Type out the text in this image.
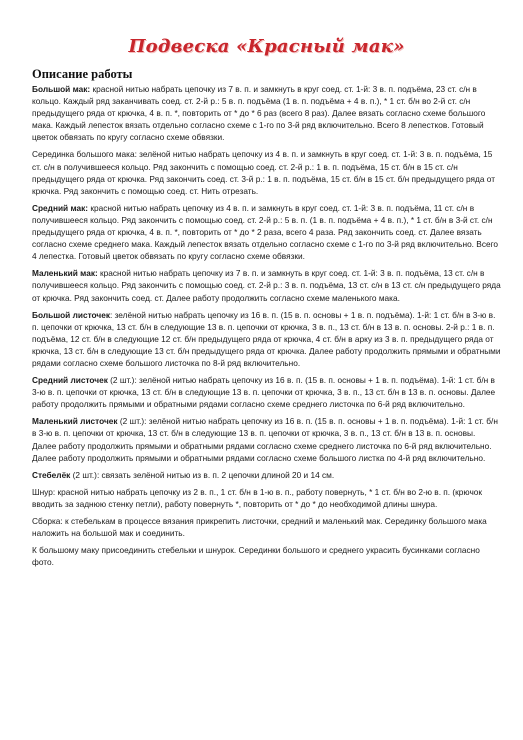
Подвеска «Красный мак»
Описание работы

Большой мак: красной нитью набрать цепочку из 7 в. п. и замкнуть в круг соед. ст. 1-й: 3 в. п. подъёма, 23 ст. с/н в кольцо. Каждый ряд заканчивать соед. ст. 2-й р.: 5 в. п. подъёма (1 в. п. подъёма + 4 в. п.), * 1 ст. б/н во 2-й ст. с/н предыдущего ряда от крючка, 4 в. п. *, повторить от * до * 6 раз (всего 8 раз). Далее вязать согласно схеме большого мака. Каждый лепесток вязать отдельно согласно схеме с 1-го по 3-й ряд включительно. Всего 8 лепестков. Готовый цветок обвязать по кругу согласно схеме обвязки.

Серединка большого мака: зелёной нитью набрать цепочку из 4 в. п. и замкнуть в круг соед. ст. 1-й: 3 в. п. подъёма, 15 ст. с/н в получившееся кольцо. Ряд закончить с помощью соед. ст. 2-й р.: 1 в. п. подъёма, 15 ст. б/н в 15 ст. с/н предыдущего ряда от крючка. Ряд закончить соед. ст. 3-й р.: 1 в. п. подъёма, 15 ст. б/н в 15 ст. б/н предыдущего ряда от крючка. Ряд закончить с помощью соед. ст. Нить отрезать.

Средний мак: красной нитью набрать цепочку из 4 в. п. и замкнуть в круг соед. ст. 1-й: 3 в. п. подъёма, 11 ст. с/н в получившееся кольцо. Ряд закончить с помощью соед. ст. 2-й р.: 5 в. п. (1 в. п. подъёма + 4 в. п.), * 1 ст. б/н в 3-й ст. с/н предыдущего ряда от крючка, 4 в. п. *, повторить от * до * 2 раза, всего 4 раза. Ряд закончить соед. ст. Далее вязать согласно схеме среднего мака. Каждый лепесток вязать отдельно согласно схеме с 1-го по 3-й ряд включительно. Всего 4 лепестка. Готовый цветок обвязать по кругу согласно схеме обвязки.

Маленький мак: красной нитью набрать цепочку из 7 в. п. и замкнуть в круг соед. ст. 1-й: 3 в. п. подъёма, 13 ст. с/н в получившееся кольцо. Ряд закончить с помощью соед. ст. 2-й р.: 3 в. п. подъёма, 13 ст. с/н в 13 ст. с/н предыдущего ряда от крючка. Ряд закончить соед. ст. Далее работу продолжить согласно схеме маленького мака.

Большой листочек: зелёной нитью набрать цепочку из 16 в. п. (15 в. п. основы + 1 в. п. подъёма). 1-й: 1 ст. б/н в 3-ю в. п. цепочки от крючка, 13 ст. б/н в следующие 13 в. п. цепочки от крючка, 3 в. п., 13 ст. б/н в 13 в. п. основы. 2-й р.: 1 в. п. подъёма, 12 ст. б/н в следующие 12 ст. б/н предыдущего ряда от крючка, 4 ст. б/н в арку из 3 в. п. предыдущего ряда от крючка, 13 ст. б/н в следующие 13 ст. б/н предыдущего ряда от крючка. Далее работу продолжить прямыми и обратными рядами согласно схеме большого листочка по 8-й ряд включительно.

Средний листочек (2 шт.): зелёной нитью набрать цепочку из 16 в. п. (15 в. п. основы + 1 в. п. подъёма). 1-й: 1 ст. б/н в 3-ю в. п. цепочки от крючка, 13 ст. б/н в следующие 13 в. п. цепочки от крючка, 3 в. п., 13 ст. б/н в 13 в. п. основы. Далее работу продолжить прямыми и обратными рядами согласно схеме среднего листочка по 6-й ряд включительно.

Маленький листочек (2 шт.): зелёной нитью набрать цепочку из 16 в. п. (15 в. п. основы + 1 в. п. подъёма). 1-й: 1 ст. б/н в 3-ю в. п. цепочки от крючка, 13 ст. б/н в следующие 13 в. п. цепочки от крючка, 3 в. п., 13 ст. б/н в 13 в. п. основы. Далее работу продолжить прямыми и обратными рядами согласно схеме среднего листочка по 6-й ряд включительно. Далее работу продолжить прямыми и обратными рядами согласно схеме большого листка по 4-й ряд включительно.

Стебелёк (2 шт.): связать зелёной нитью из в. п. 2 цепочки длиной 20 и 14 см.

Шнур: красной нитью набрать цепочку из 2 в. п., 1 ст. б/н в 1-ю в. п., работу повернуть, * 1 ст. б/н во 2-ю в. п. (крючок вводить за заднюю стенку петли), работу повернуть *, повторить от * до * до необходимой длины шнура.

Сборка: к стебелькам в процессе вязания прикрепить листочки, средний и маленький мак. Серединку большого мака наложить на большой мак и соединить.

К большому маку присоединить стебельки и шнурок. Серединки большого и среднего украсить бусинками согласно фото.
